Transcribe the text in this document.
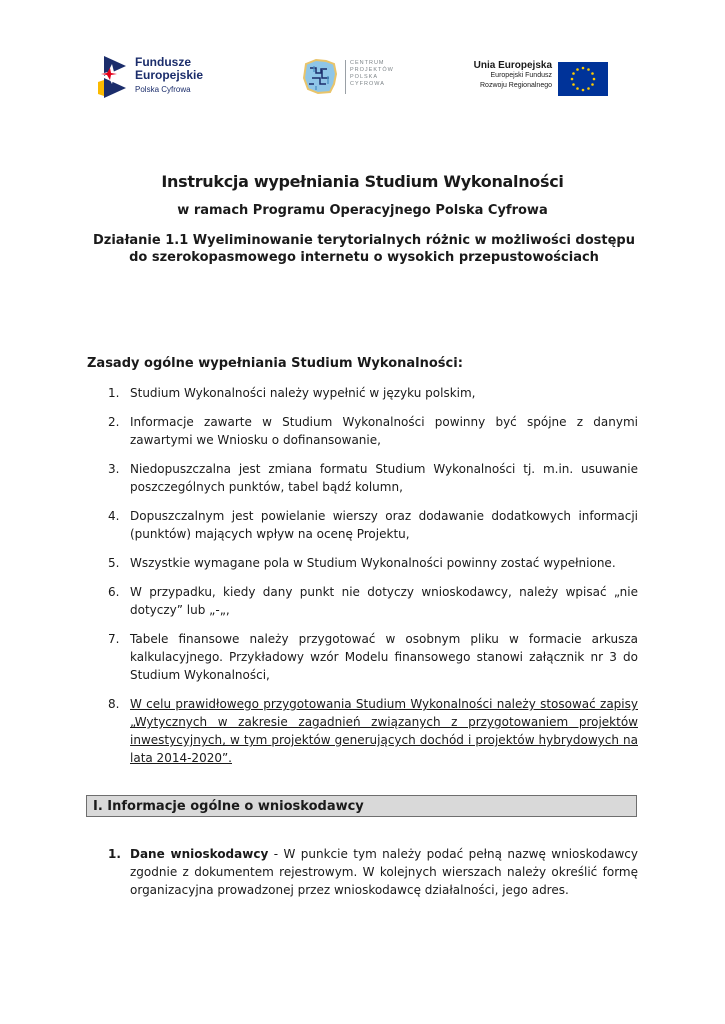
Fundusze
Europejskie
Polska Cyfrowa
CENTRUM
PROJEKTÓW
POLSKA
CYFROWA
Unia Europejska
Europejski Fundusz
Rozwoju Regionalnego
Instrukcja wypełniania Studium Wykonalności
w ramach Programu Operacyjnego Polska Cyfrowa
Działanie 1.1 Wyeliminowanie terytorialnych różnic w możliwości dostępu do szerokopasmowego internetu o wysokich przepustowościach
Zasady ogólne wypełniania Studium Wykonalności:
1. Studium Wykonalności należy wypełnić w języku polskim,
2. Informacje zawarte w Studium Wykonalności powinny być spójne z danymi zawartymi we Wniosku o dofinansowanie,
3. Niedopuszczalna jest zmiana formatu Studium Wykonalności tj. m.in. usuwanie poszczególnych punktów, tabel bądź kolumn,
4. Dopuszczalnym jest powielanie wierszy oraz dodawanie dodatkowych informacji (punktów) mających wpływ na ocenę Projektu,
5. Wszystkie wymagane pola w Studium Wykonalności powinny zostać wypełnione.
6. W przypadku, kiedy dany punkt nie dotyczy wnioskodawcy, należy wpisać „nie dotyczy” lub „-„,
7. Tabele finansowe należy przygotować w osobnym pliku w formacie arkusza kalkulacyjnego. Przykładowy wzór Modelu finansowego stanowi załącznik nr 3 do Studium Wykonalności,
8. W celu prawidłowego przygotowania Studium Wykonalności należy stosować zapisy „Wytycznych w zakresie zagadnień związanych z przygotowaniem projektów inwestycyjnych, w tym projektów generujących dochód i projektów hybrydowych na lata 2014-2020”.
I. Informacje ogólne o wnioskodawcy
1. Dane wnioskodawcy - W punkcie tym należy podać pełną nazwę wnioskodawcy zgodnie z dokumentem rejestrowym. W kolejnych wierszach należy określić formę organizacyjna prowadzonej przez wnioskodawcę działalności, jego adres.
